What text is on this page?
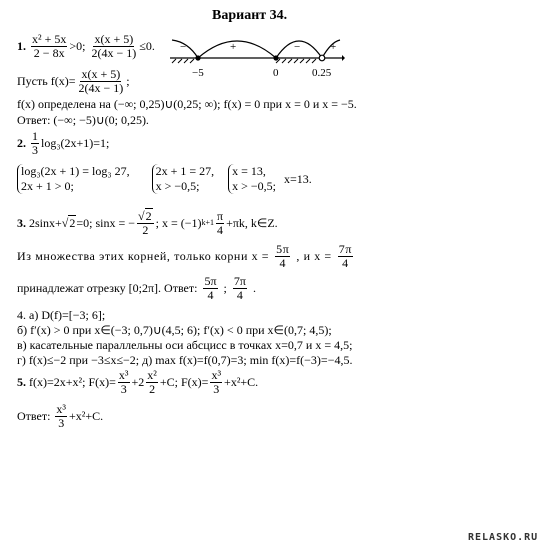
Вариант 34.
1.
$\frac{\text{x² + 5x}}{2 - 8x} >0$;
$\frac{x(x + 5)}{2(4x - 1)} \le 0$. −	+	−	+
−5	0	0.25
Пусть $f(x)= \frac{x(x + 5)}{2(4x - 1)}$ ;
f(x) определена на (−∞; 0,25)∪(0,25; ∞); f(x) = 0 при x = 0 и x = −5.
Ответ: (−∞; −5)∪(0; 0,25).
2.
$\frac{1}{3} \log_3(2x+1)=1$;
log₃(2x + 1) = log₃ 27,
2x + 1 > 0;
2x + 1 = 27,
x > −0,5;
x = 13,
x > −0,5;
x=13.
3.
2sinx+ √2 =0; sinx = − $\frac{√2}{2}$ ; x = (−1) $k+1 \frac{\pi}{4} +\pi k$, k∈Z.
Из множества этих корней, только корни $x = \frac{5\pi}{4}$ , и $x = \frac{7\pi}{4}$
принадлежат отрезку [0;2π]. Ответ: $\frac{5\pi}{4}$ ; $\frac{7\pi}{4}$ .
4. а) D(f)=[−3; 6];
б) f′(x) > 0 при x∈(−3; 0,7)∪(4,5; 6); f′(x) < 0 при x∈(0,7; 4,5);
в) касательные параллельны оси абсцисс в точках x=0,7 и x = 4,5;
г) f(x)≤−2 при −3≤x≤−2; д) max f(x)=f(0,7)=3; min f(x)=f(−3)=−4,5.
5.
f(x)=2x+x²; $F(x)= \frac{\text{x³}}{3} +2 \frac{\text{x²}}{2} +C$; $F(x)= \frac{\text{x³}}{3} +x^2+C$.
Ответ:
$\frac{\text{x³}}{3} +x^2+C$.
RELASKO.RU
